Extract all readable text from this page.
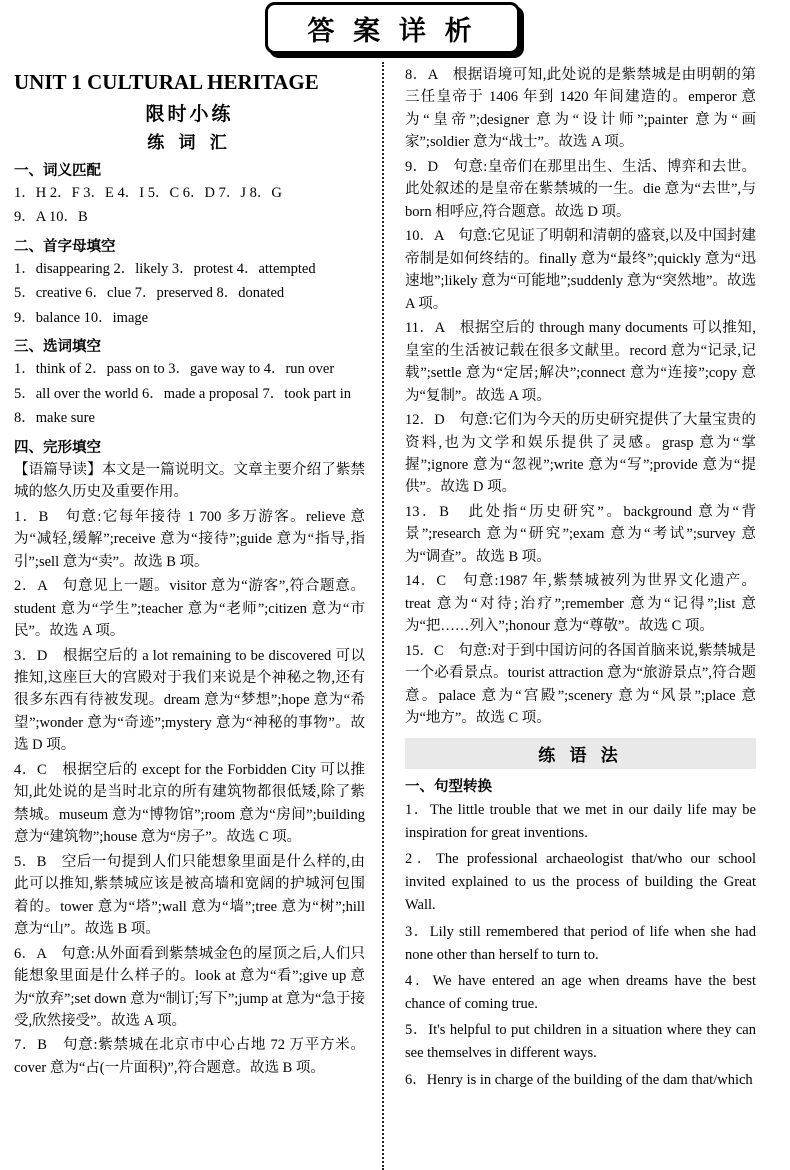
答 案 详 析
UNIT 1 CULTURAL HERITAGE
限时小练
练 词 汇
一、词义匹配

1．H 2．F 3．E 4．I 5．C 6．D 7．J 8．G

9．A 10．B

二、首字母填空

1．disappearing 2．likely 3．protest 4．attempted

5．creative 6．clue 7．preserved 8．donated

9．balance 10．image

三、选词填空

1．think of 2．pass on to 3．gave way to 4．run over

5．all over the world 6．made a proposal 7．took part in

8．make sure

四、完形填空

【语篇导读】本文是一篇说明文。文章主要介绍了紫禁城的悠久历史及重要作用。

1．B　句意:它每年接待 1 700 多万游客。relieve 意为“减轻,缓解”;receive 意为“接待”;guide 意为“指导,指引”;sell 意为“卖”。故选 B 项。

2．A　句意见上一题。visitor 意为“游客”,符合题意。student 意为“学生”;teacher 意为“老师”;citizen 意为“市民”。故选 A 项。

3．D　根据空后的 a lot remaining to be discovered 可以推知,这座巨大的宫殿对于我们来说是个神秘之物,还有很多东西有待被发现。dream 意为“梦想”;hope 意为“希望”;wonder 意为“奇迹”;mystery 意为“神秘的事物”。故选 D 项。

4．C　根据空后的 except for the Forbidden City 可以推知,此处说的是当时北京的所有建筑物都很低矮,除了紫禁城。museum 意为“博物馆”;room 意为“房间”;building 意为“建筑物”;house 意为“房子”。故选 C 项。

5．B　空后一句提到人们只能想象里面是什么样的,由此可以推知,紫禁城应该是被高墙和宽阔的护城河包围着的。tower 意为“塔”;wall 意为“墙”;tree 意为“树”;hill 意为“山”。故选 B 项。

6．A　句意:从外面看到紫禁城金色的屋顶之后,人们只能想象里面是什么样子的。look at 意为“看”;give up 意为“放弃”;set down 意为“制订;写下”;jump at 意为“急于接受,欣然接受”。故选 A 项。

7．B　句意:紫禁城在北京市中心占地 72 万平方米。cover 意为“占(一片面积)”,符合题意。故选 B 项。

8．A　根据语境可知,此处说的是紫禁城是由明朝的第三任皇帝于 1406 年到 1420 年间建造的。emperor 意为“皇帝”;designer 意为“设计师”;painter 意为“画家”;soldier 意为“战士”。故选 A 项。

9．D　句意:皇帝们在那里出生、生活、博弈和去世。此处叙述的是皇帝在紫禁城的一生。die 意为“去世”,与 born 相呼应,符合题意。故选 D 项。

10．A　句意:它见证了明朝和清朝的盛衰,以及中国封建帝制是如何终结的。finally 意为“最终”;quickly 意为“迅速地”;likely 意为“可能地”;suddenly 意为“突然地”。故选 A 项。

11．A　根据空后的 through many documents 可以推知,皇室的生活被记载在很多文献里。record 意为“记录,记载”;settle 意为“定居;解决”;connect 意为“连接”;copy 意为“复制”。故选 A 项。

12．D　句意:它们为今天的历史研究提供了大量宝贵的资料,也为文学和娱乐提供了灵感。grasp 意为“掌握”;ignore 意为“忽视”;write 意为“写”;provide 意为“提供”。故选 D 项。

13．B　此处指“历史研究”。background 意为“背景”;research 意为“研究”;exam 意为“考试”;survey 意为“调查”。故选 B 项。

14．C　句意:1987 年,紫禁城被列为世界文化遗产。treat 意为“对待;治疗”;remember 意为“记得”;list 意为“把……列入”;honour 意为“尊敬”。故选 C 项。

15．C　句意:对于到中国访问的各国首脑来说,紫禁城是一个必看景点。tourist attraction 意为“旅游景点”,符合题意。palace 意为“宫殿”;scenery 意为“风景”;place 意为“地方”。故选 C 项。

练 语 法
一、句型转换

1．The little trouble that we met in our daily life may be inspiration for great inventions.

2．The professional archaeologist that/who our school invited explained to us the process of building the Great Wall.

3．Lily still remembered that period of life when she had none other than herself to turn to.

4．We have entered an age when dreams have the best chance of coming true.

5．It's helpful to put children in a situation where they can see themselves in different ways.

6．Henry is in charge of the building of the dam that/which
